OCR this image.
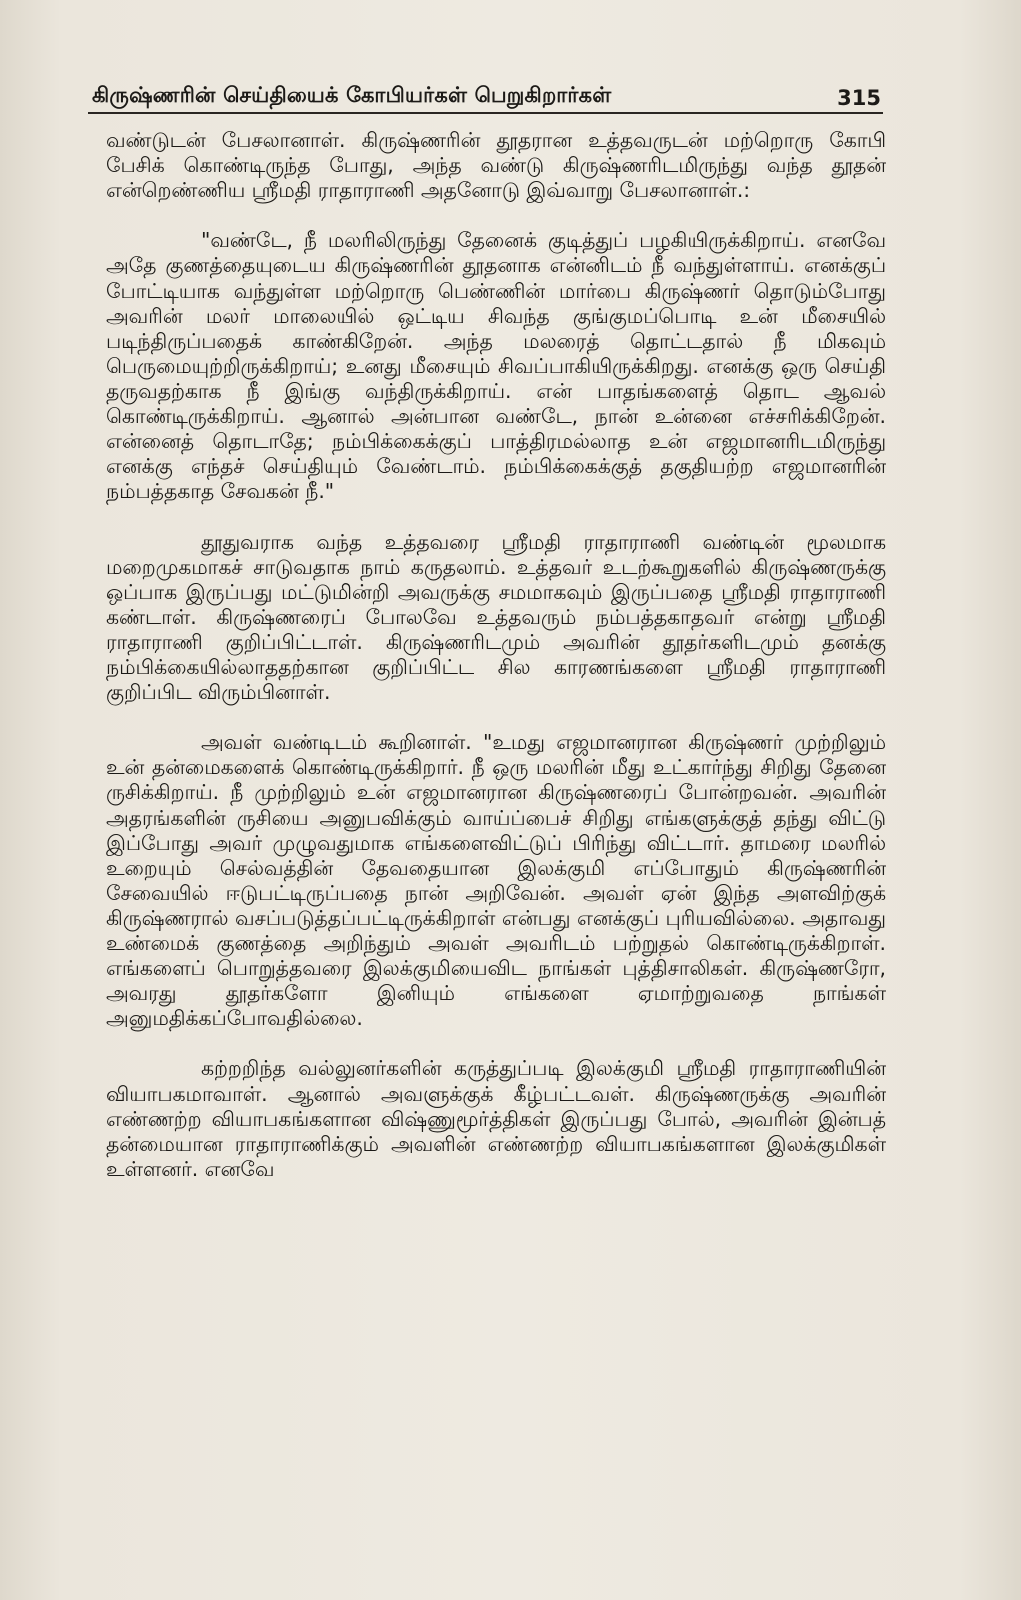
கிருஷ்ணரின் செய்தியைக் கோபியர்கள் பெறுகிறார்கள்	315

வண்டுடன் பேசலானாள். கிருஷ்ணரின் தூதரான உத்தவருடன் மற்றொரு கோபி பேசிக் கொண்டிருந்த போது, அந்த வண்டு கிருஷ்ணரிடமிருந்து வந்த தூதன் என்றெண்ணிய ஸ்ரீமதி ராதாராணி அதனோடு இவ்வாறு பேசலானாள்.:

"வண்டே, நீ மலரிலிருந்து தேனைக் குடித்துப் பழகியிருக்கிறாய். எனவே அதே குணத்தையுடைய கிருஷ்ணரின் தூதனாக என்னிடம் நீ வந்துள்ளாய். எனக்குப் போட்டியாக வந்துள்ள மற்றொரு பெண்ணின் மார்பை கிருஷ்ணர் தொடும்போது அவரின் மலர் மாலையில் ஒட்டிய சிவந்த குங்குமப்பொடி உன் மீசையில் படிந்திருப்பதைக் காண்கிறேன். அந்த மலரைத் தொட்டதால் நீ மிகவும் பெருமையுற்றிருக்கிறாய்; உனது மீசையும் சிவப்பாகியிருக்கிறது. எனக்கு ஒரு செய்தி தருவதற்காக நீ இங்கு வந்திருக்கிறாய். என் பாதங்களைத் தொட ஆவல் கொண்டிருக்கிறாய். ஆனால் அன்பான வண்டே, நான் உன்னை எச்சரிக்கிறேன். என்னைத் தொடாதே; நம்பிக்கைக்குப் பாத்திரமல்லாத உன் எஜமானரிடமிருந்து எனக்கு எந்தச் செய்தியும் வேண்டாம். நம்பிக்கைக்குத் தகுதியற்ற எஜமானரின் நம்பத்தகாத சேவகன் நீ."

தூதுவராக வந்த உத்தவரை ஸ்ரீமதி ராதாராணி வண்டின் மூலமாக மறைமுகமாகச் சாடுவதாக நாம் கருதலாம். உத்தவர் உடற்கூறுகளில் கிருஷ்ணருக்கு ஒப்பாக இருப்பது மட்டுமின்றி அவருக்கு சமமாகவும் இருப்பதை ஸ்ரீமதி ராதாராணி கண்டாள். கிருஷ்ணரைப் போலவே உத்தவரும் நம்பத்தகாதவர் என்று ஸ்ரீமதி ராதாராணி குறிப்பிட்டாள். கிருஷ்ணரிடமும் அவரின் தூதர்களிடமும் தனக்கு நம்பிக்கையில்லாததற்கான குறிப்பிட்ட சில காரணங்களை ஸ்ரீமதி ராதாராணி குறிப்பிட விரும்பினாள்.

அவள் வண்டிடம் கூறினாள். "உமது எஜமானரான கிருஷ்ணர் முற்றிலும் உன் தன்மைகளைக் கொண்டிருக்கிறார். நீ ஒரு மலரின் மீது உட்கார்ந்து சிறிது தேனை ருசிக்கிறாய். நீ முற்றிலும் உன் எஜமானரான கிருஷ்ணரைப் போன்றவன். அவரின் அதரங்களின் ருசியை அனுபவிக்கும் வாய்ப்பைச் சிறிது எங்களுக்குத் தந்து விட்டு இப்போது அவர் முழுவதுமாக எங்களைவிட்டுப் பிரிந்து விட்டார். தாமரை மலரில் உறையும் செல்வத்தின் தேவதையான இலக்குமி எப்போதும் கிருஷ்ணரின் சேவையில் ஈடுபட்டிருப்பதை நான் அறிவேன். அவள் ஏன் இந்த அளவிற்குக் கிருஷ்ணரால் வசப்படுத்தப்பட்டிருக்கிறாள் என்பது எனக்குப் புரியவில்லை. அதாவது உண்மைக் குணத்தை அறிந்தும் அவள் அவரிடம் பற்றுதல் கொண்டிருக்கிறாள். எங்களைப் பொறுத்தவரை இலக்குமியைவிட நாங்கள் புத்திசாலிகள். கிருஷ்ணரோ, அவரது தூதர்களோ இனியும் எங்களை ஏமாற்றுவதை நாங்கள் அனுமதிக்கப்போவதில்லை.

கற்றறிந்த வல்லுனர்களின் கருத்துப்படி இலக்குமி ஸ்ரீமதி ராதாராணியின் வியாபகமாவாள். ஆனால் அவளுக்குக் கீழ்பட்டவள். கிருஷ்ணருக்கு அவரின் எண்ணற்ற வியாபகங்களான விஷ்ணுமூர்த்திகள் இருப்பது போல், அவரின் இன்பத் தன்மையான ராதாராணிக்கும் அவளின் எண்ணற்ற வியாபகங்களான இலக்குமிகள் உள்ளனர். எனவே
